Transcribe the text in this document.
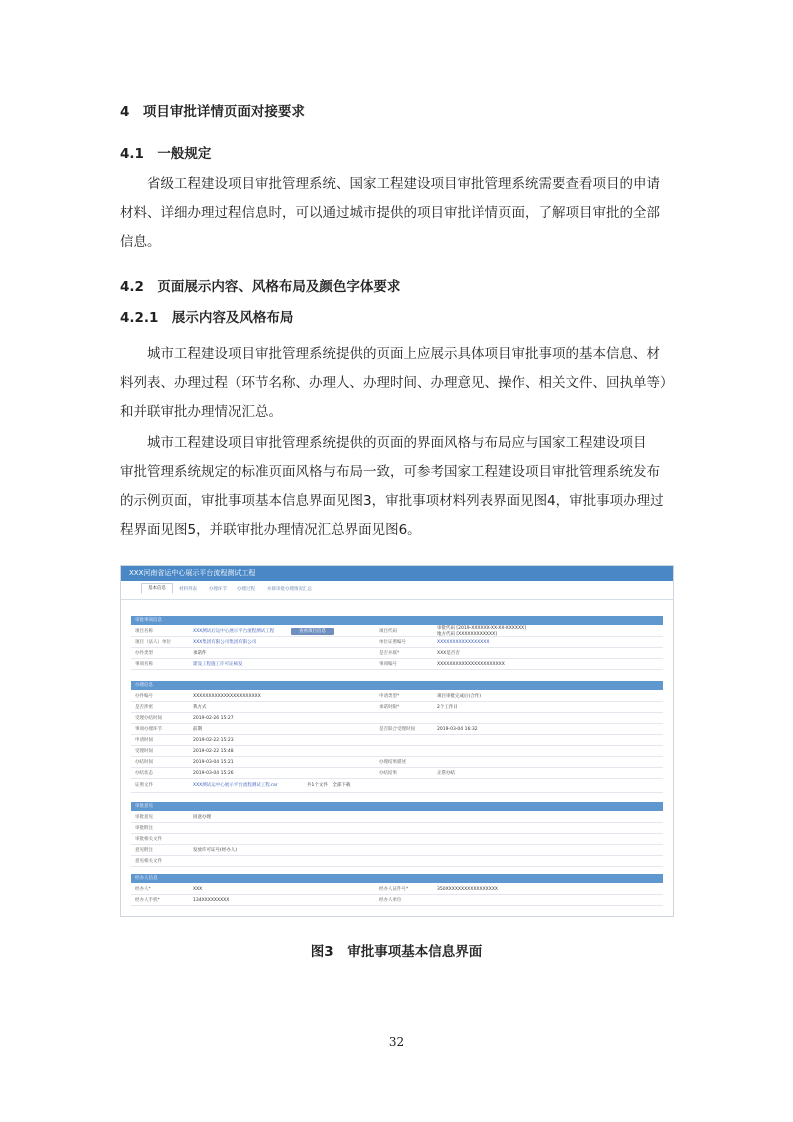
4　项目审批详情页面对接要求
4.1　一般规定
　　省级工程建设项目审批管理系统、国家工程建设项目审批管理系统需要查看项目的申请
材料、详细办理过程信息时，可以通过城市提供的项目审批详情页面，了解项目审批的全部
信息。
4.2　页面展示内容、风格布局及颜色字体要求
4.2.1　展示内容及风格布局
　　城市工程建设项目审批管理系统提供的页面上应展示具体项目审批事项的基本信息、材
料列表、办理过程（环节名称、办理人、办理时间、办理意见、操作、相关文件、回执单等）
和并联审批办理情况汇总。
　　城市工程建设项目审批管理系统提供的页面的界面风格与布局应与国家工程建设项目
审批管理系统规定的标准页面风格与布局一致，可参考国家工程建设项目审批管理系统发布
的示例页面，审批事项基本信息界面见图3，审批事项材料列表界面见图4，审批事项办理过
程界面见图5，并联审批办理情况汇总界面见图6。
XXX河南省运中心展示平台流程测试工程
基本信息	材料列表	办理环节 办理过程	并联审批办理情况汇总
审批事项信息
项目名称	XXX测试后运中心展示平台流程测试工程	查看项目信息	项目代码
审批代码 [2019-XXXXXX-XX-XX-XXXXXX]
地方代码 [XXXXXXXXXXXX]
项目（法人）单位	XXX集团有限公司集团有限公司	单位证照编号	XXXXXXXXXXXXXXXXX
办件类型	承诺件	是否并联*	XXX是否否
事项名称	建设工程施工许可证核发	事项编号	XXXXXXXXXXXXXXXXXXXXXX
办理信息
办件编号	XXXXXXXXXXXXXXXXXXXXXX	申请类型*	项目审批完成后(合作)
是否涉密	我方式	承诺时限*	2个工作日
受理办结时间	2019-02-26 15:27
事项办理环节	前期	是否联合受理时间	2019-03-04 16:32
申请时间	2019-02-22 15:23
受理时间	2019-02-22 15:48
办结时间	2019-03-04 15:21	办理结果描述
办结状态	2019-03-04 15:26	办结结果	正常办结
证照文件	XXX测试运中心展示平台流程测试工程.rar	共1个文件　全部下载
审批意见
审批意见	同意办理
审批附注
审批相关文件
意见附注	发放许可证号(经办人)
意见相关文件
经办人信息
经办人*	XXX	经办人证件号*	350XXXXXXXXXXXXXXXXX
经办人手机*	134XXXXXXXXX	经办人单位
图3　审批事项基本信息界面
32
